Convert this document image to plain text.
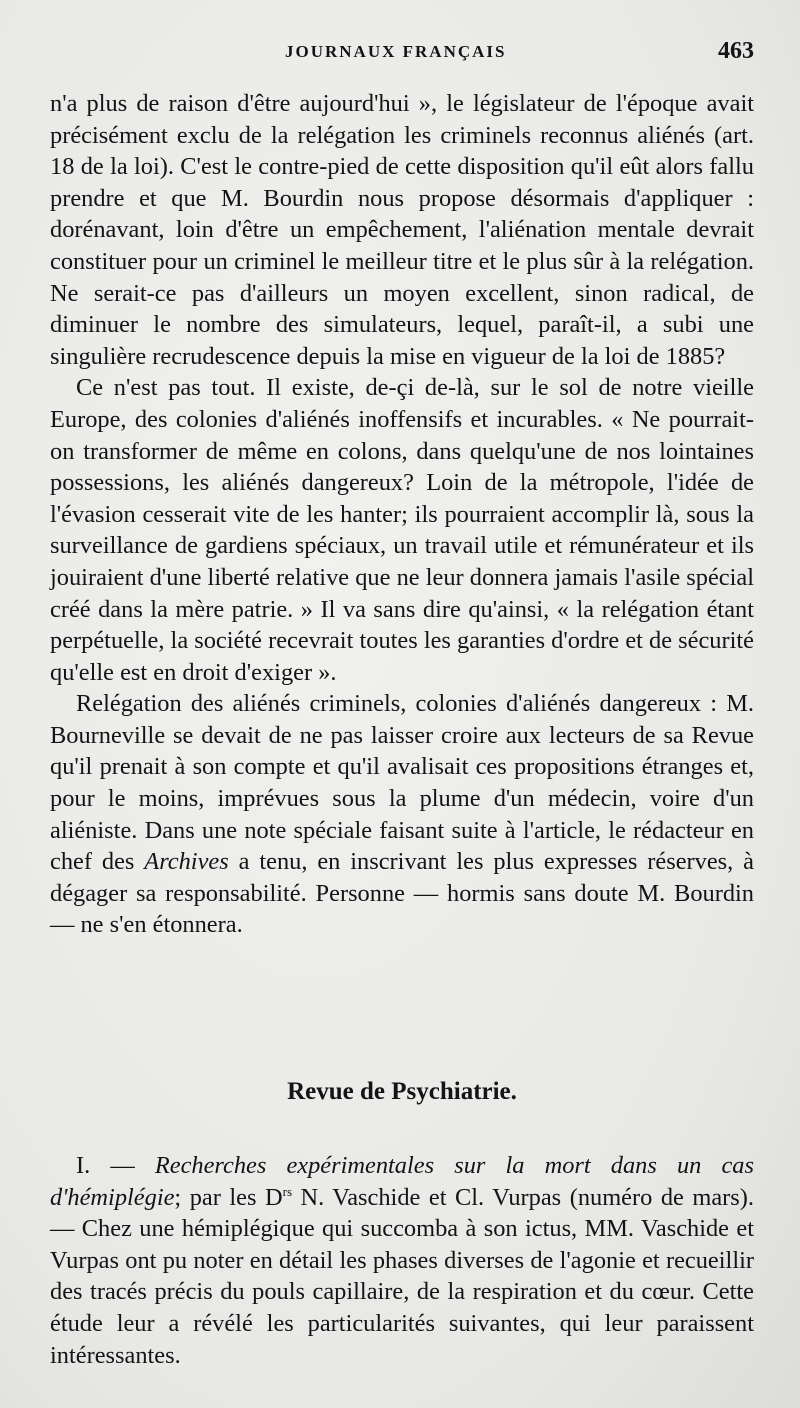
JOURNAUX FRANÇAIS	463

n'a plus de raison d'être aujourd'hui », le législateur de l'époque avait précisément exclu de la relégation les criminels reconnus aliénés (art. 18 de la loi). C'est le contre-pied de cette disposition qu'il eût alors fallu prendre et que M. Bourdin nous propose désormais d'appliquer : dorénavant, loin d'être un empêchement, l'aliénation mentale devrait constituer pour un criminel le meilleur titre et le plus sûr à la relégation. Ne serait-ce pas d'ailleurs un moyen excellent, sinon radical, de diminuer le nombre des simulateurs, lequel, paraît-il, a subi une singulière recrudescence depuis la mise en vigueur de la loi de 1885?

Ce n'est pas tout. Il existe, de-çi de-là, sur le sol de notre vieille Europe, des colonies d'aliénés inoffensifs et incurables. « Ne pourrait-on transformer de même en colons, dans quelqu'une de nos lointaines possessions, les aliénés dangereux? Loin de la métropole, l'idée de l'évasion cesserait vite de les hanter; ils pourraient accomplir là, sous la surveillance de gardiens spéciaux, un travail utile et rémunérateur et ils jouiraient d'une liberté relative que ne leur donnera jamais l'asile spécial créé dans la mère patrie. » Il va sans dire qu'ainsi, « la relégation étant perpétuelle, la société recevrait toutes les garanties d'ordre et de sécurité qu'elle est en droit d'exiger ».

Relégation des aliénés criminels, colonies d'aliénés dangereux : M. Bourneville se devait de ne pas laisser croire aux lecteurs de sa Revue qu'il prenait à son compte et qu'il avalisait ces propositions étranges et, pour le moins, imprévues sous la plume d'un médecin, voire d'un aliéniste. Dans une note spéciale faisant suite à l'article, le rédacteur en chef des Archives a tenu, en inscrivant les plus expresses réserves, à dégager sa responsabilité. Personne — hormis sans doute M. Bourdin — ne s'en étonnera.

Revue de Psychiatrie.

I. — Recherches expérimentales sur la mort dans un cas d'hémiplégie; par les $D^{rs}$ N. Vaschide et Cl. Vurpas (numéro de mars). — Chez une hémiplégique qui succomba à son ictus, MM. Vaschide et Vurpas ont pu noter en détail les phases diverses de l'agonie et recueillir des tracés précis du pouls capillaire, de la respiration et du cœur. Cette étude leur a révélé les particularités suivantes, qui leur paraissent intéressantes.
